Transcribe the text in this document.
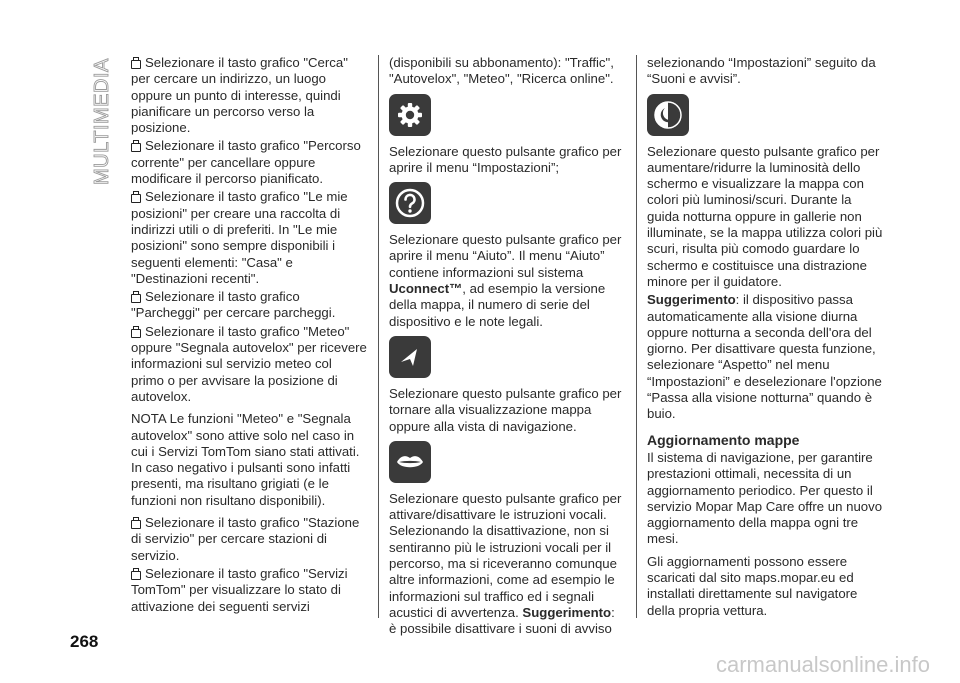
MULTIMEDIA	Selezionare il tasto grafico "Cerca" per cercare un indirizzo, un luogo oppure un punto di interesse, quindi pianificare un percorso verso la posizione.

Selezionare il tasto grafico "Percorso corrente" per cancellare oppure modificare il percorso pianificato.

Selezionare il tasto grafico "Le mie posizioni" per creare una raccolta di indirizzi utili o di preferiti. In "Le mie posizioni" sono sempre disponibili i seguenti elementi: "Casa" e "Destinazioni recenti".

Selezionare il tasto grafico "Parcheggi" per cercare parcheggi.

Selezionare il tasto grafico "Meteo" oppure "Segnala autovelox" per ricevere informazioni sul servizio meteo col primo o per avvisare la posizione di autovelox.

NOTA Le funzioni "Meteo" e "Segnala autovelox" sono attive solo nel caso in cui i Servizi TomTom siano stati attivati. In caso negativo i pulsanti sono infatti presenti, ma risultano grigiati (e le funzioni non risultano disponibili).

Selezionare il tasto grafico "Stazione di servizio" per cercare stazioni di servizio.

Selezionare il tasto grafico "Servizi TomTom" per visualizzare lo stato di attivazione dei seguenti servizi

(disponibili su abbonamento): "Traffic", "Autovelox", "Meteo", "Ricerca online".

Selezionare questo pulsante grafico per aprire il menu “Impostazioni”;

Selezionare questo pulsante grafico per aprire il menu “Aiuto”. Il menu “Aiuto” contiene informazioni sul sistema Uconnect™, ad esempio la versione della mappa, il numero di serie del dispositivo e le note legali.

Selezionare questo pulsante grafico per tornare alla visualizzazione mappa oppure alla vista di navigazione.

Selezionare questo pulsante grafico per attivare/disattivare le istruzioni vocali. Selezionando la disattivazione, non si sentiranno più le istruzioni vocali per il percorso, ma si riceveranno comunque altre informazioni, come ad esempio le informazioni sul traffico ed i segnali acustici di avvertenza. Suggerimento: è possibile disattivare i suoni di avviso

selezionando “Impostazioni” seguito da “Suoni e avvisi”.

Selezionare questo pulsante grafico per aumentare/ridurre la luminosità dello schermo e visualizzare la mappa con colori più luminosi/scuri. Durante la guida notturna oppure in gallerie non illuminate, se la mappa utilizza colori più scuri, risulta più comodo guardare lo schermo e costituisce una distrazione minore per il guidatore.

Suggerimento: il dispositivo passa automaticamente alla visione diurna oppure notturna a seconda dell'ora del giorno. Per disattivare questa funzione, selezionare “Aspetto” nel menu “Impostazioni” e deselezionare l'opzione “Passa alla visione notturna” quando è buio.

Aggiornamento mappe

Il sistema di navigazione, per garantire prestazioni ottimali, necessita di un aggiornamento periodico. Per questo il servizio Mopar Map Care offre un nuovo aggiornamento della mappa ogni tre mesi.

Gli aggiornamenti possono essere scaricati dal sito maps.mopar.eu ed installati direttamente sul navigatore della propria vettura.

268
carmanualsonline.info
